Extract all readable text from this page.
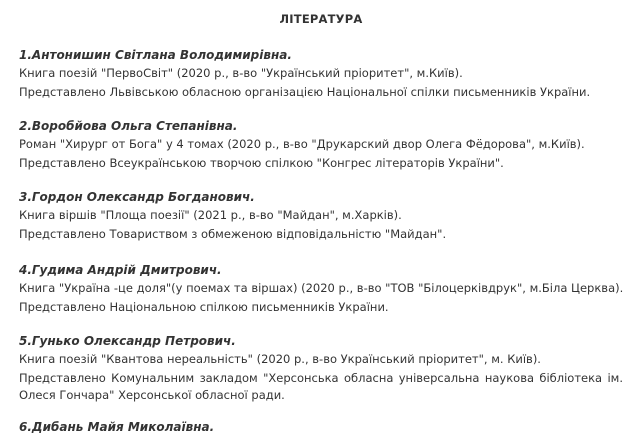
ЛІТЕРАТУРА
1.Антонишин Світлана Володимирівна.
Книга поезій "ПервоСвіт" (2020 р., в-во "Український пріоритет", м.Київ).
Представлено Львівською обласною організацією Національної спілки письменників України.
2.Воробйова Ольга Степанівна.
Роман "Хирург от Бога" у 4 томах (2020 р., в-во "Друкарский двор Олега Фёдорова", м.Київ).
Представлено Всеукраїнською творчою спілкою "Конгрес літераторів України".
3.Гордон Олександр Богданович.
Книга віршів "Площа поезії" (2021 р., в-во "Майдан", м.Харків).
Представлено Товариством з обмеженою відповідальністю "Майдан".
4.Гудима Андрій Дмитрович.
Книга "Україна -це доля"(у поемах та віршах) (2020 р., в-во "ТОВ "Білоцерківдрук", м.Біла Церква).
Представлено Національною спілкою письменників України.
5.Гунько Олександр Петрович.
Книга поезій "Квантова нереальність" (2020 р., в-во Український пріоритет", м. Київ).
Представлено Комунальним закладом "Херсонська обласна універсальна наукова бібліотека ім. Олеся Гончара" Херсонської обласної ради.
6.Дибань Майя Миколаївна.
